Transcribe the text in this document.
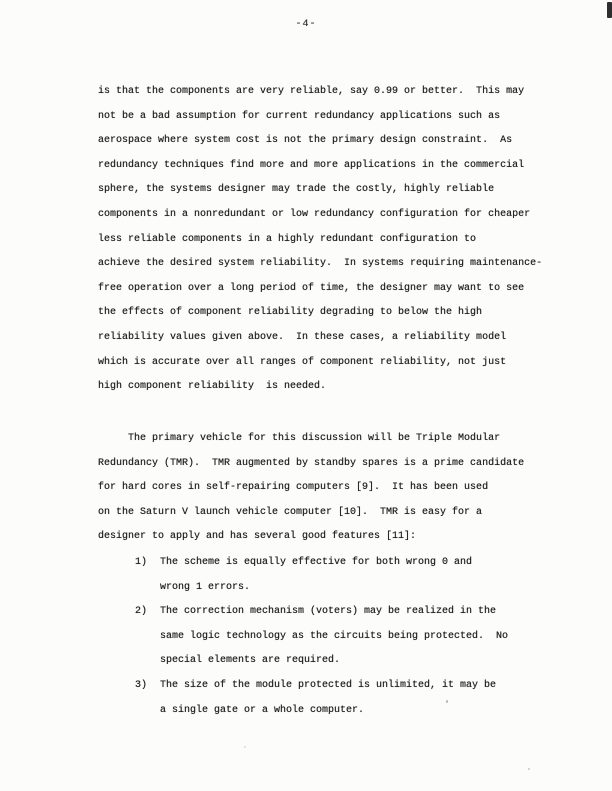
-4-
is that the components are very reliable, say 0.99 or better.  This may
not be a bad assumption for current redundancy applications such as
aerospace where system cost is not the primary design constraint.  As
redundancy techniques find more and more applications in the commercial
sphere, the systems designer may trade the costly, highly reliable
components in a nonredundant or low redundancy configuration for cheaper
less reliable components in a highly redundant configuration to
achieve the desired system reliability.  In systems requiring maintenance-
free operation over a long period of time, the designer may want to see
the effects of component reliability degrading to below the high
reliability values given above.  In these cases, a reliability model
which is accurate over all ranges of component reliability, not just
high component reliability  is needed.
The primary vehicle for this discussion will be Triple Modular
Redundancy (TMR).  TMR augmented by standby spares is a prime candidate
for hard cores in self-repairing computers [9].  It has been used
on the Saturn V launch vehicle computer [10].  TMR is easy for a
designer to apply and has several good features [11]:
1)	The scheme is equally effective for both wrong 0 and
wrong 1 errors.
2)	The correction mechanism (voters) may be realized in the
same logic technology as the circuits being protected.  No
special elements are required.
3)	The size of the module protected is unlimited, it may be
a single gate or a whole computer.
